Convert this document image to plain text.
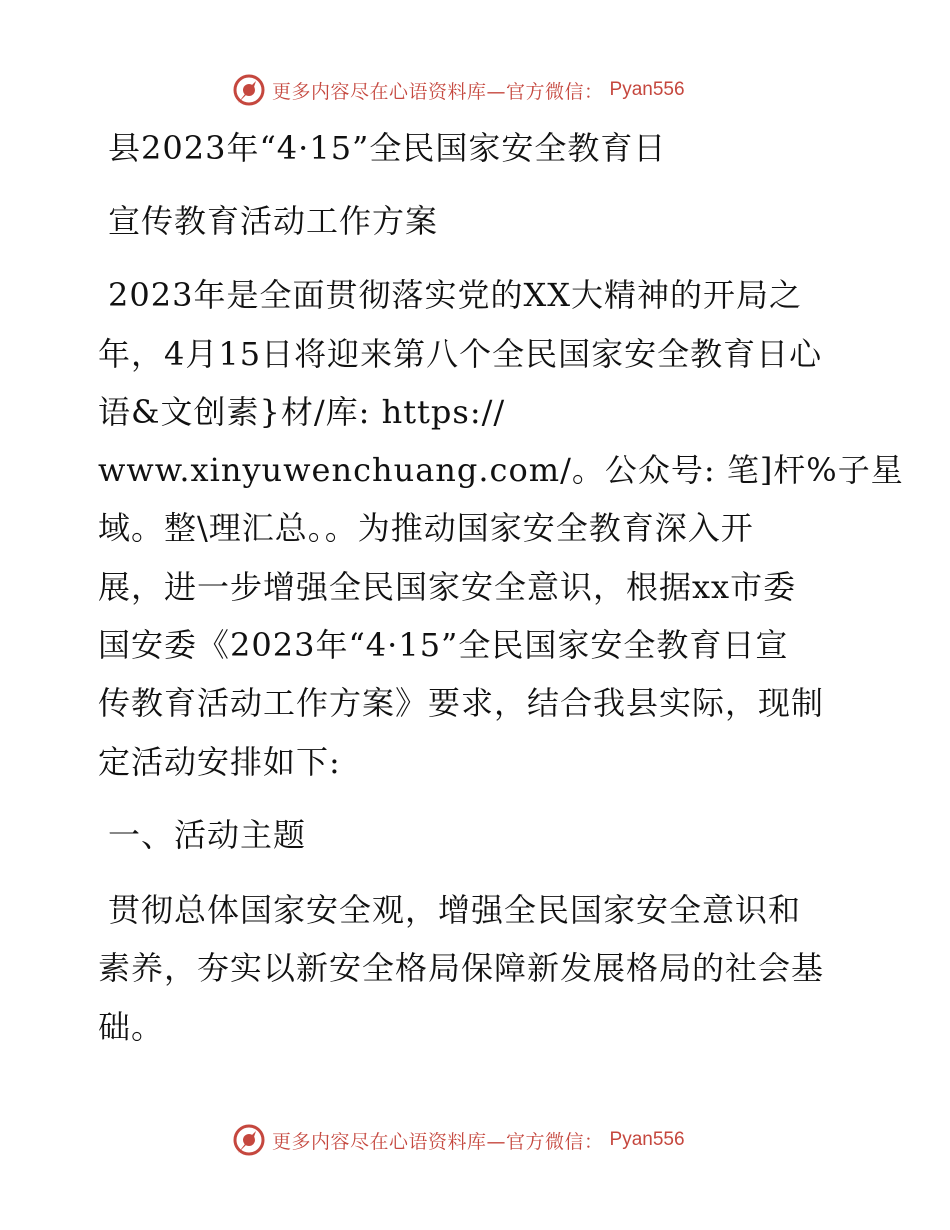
更多内容尽在心语资料库—官方微信： Pyan556
县2023年“4·15”全民国家安全教育日
宣传教育活动工作方案
2023年是全面贯彻落实党的XX大精神的开局之
年，4月15日将迎来第八个全民国家安全教育日心
语&文创素}材/库: https://
www.xinyuwenchuang.com/。公众号: 笔]杆%子星
域。整\理汇总。。为推动国家安全教育深入开
展，进一步增强全民国家安全意识，根据xx市委
国安委《2023年“4·15”全民国家安全教育日宣
传教育活动工作方案》要求，结合我县实际，现制
定活动安排如下:
一、活动主题
贯彻总体国家安全观，增强全民国家安全意识和
素养，夯实以新安全格局保障新发展格局的社会基
础。
更多内容尽在心语资料库—官方微信： Pyan556
